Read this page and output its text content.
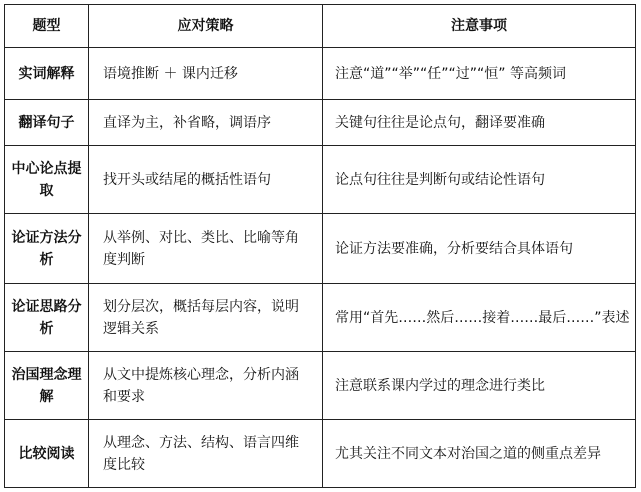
题型	应对策略	注意事项
实词解释	语境推断 ＋ 课内迁移	注意“道”“举”“任”“过”“恒” 等高频词
翻译句子	直译为主，补省略，调语序	关键句往往是论点句，翻译要准确
中心论点提取	找开头或结尾的概括性语句	论点句往往是判断句或结论性语句
论证方法分析	从举例、对比、类比、比喻等角度判断	论证方法要准确，分析要结合具体语句
论证思路分析	划分层次，概括每层内容，说明逻辑关系	常用“首先……然后……接着……最后……”表述
治国理念理解	从文中提炼核心理念，分析内涵和要求	注意联系课内学过的理念进行类比
比较阅读	从理念、方法、结构、语言四维度比较	尤其关注不同文本对治国之道的侧重点差异
